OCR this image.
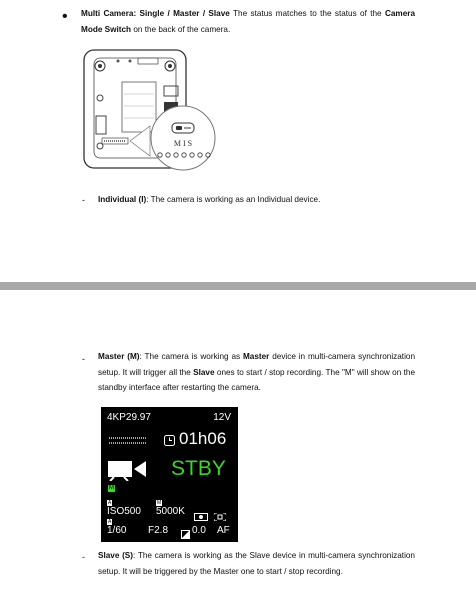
• Multi Camera: Single / Master / Slave The status matches to the status of the Camera Mode Switch on the back of the camera.
M I S
- Individual (I): The camera is working as an Individual device.
- Master (M): The camera is working as Master device in multi-camera synchronization setup. It will trigger all the Slave ones to start / stop recording. The "M" will show on the standby interface after restarting the camera.
- Slave (S): The camera is working as the Slave device in multi-camera synchronization setup. It will be triggered by the Master one to start / stop recording.
4KP29.97	12V
01h06
STBY
M
A
ISO500
M
5000K
A
1/60 F2.8 0.0 AF
